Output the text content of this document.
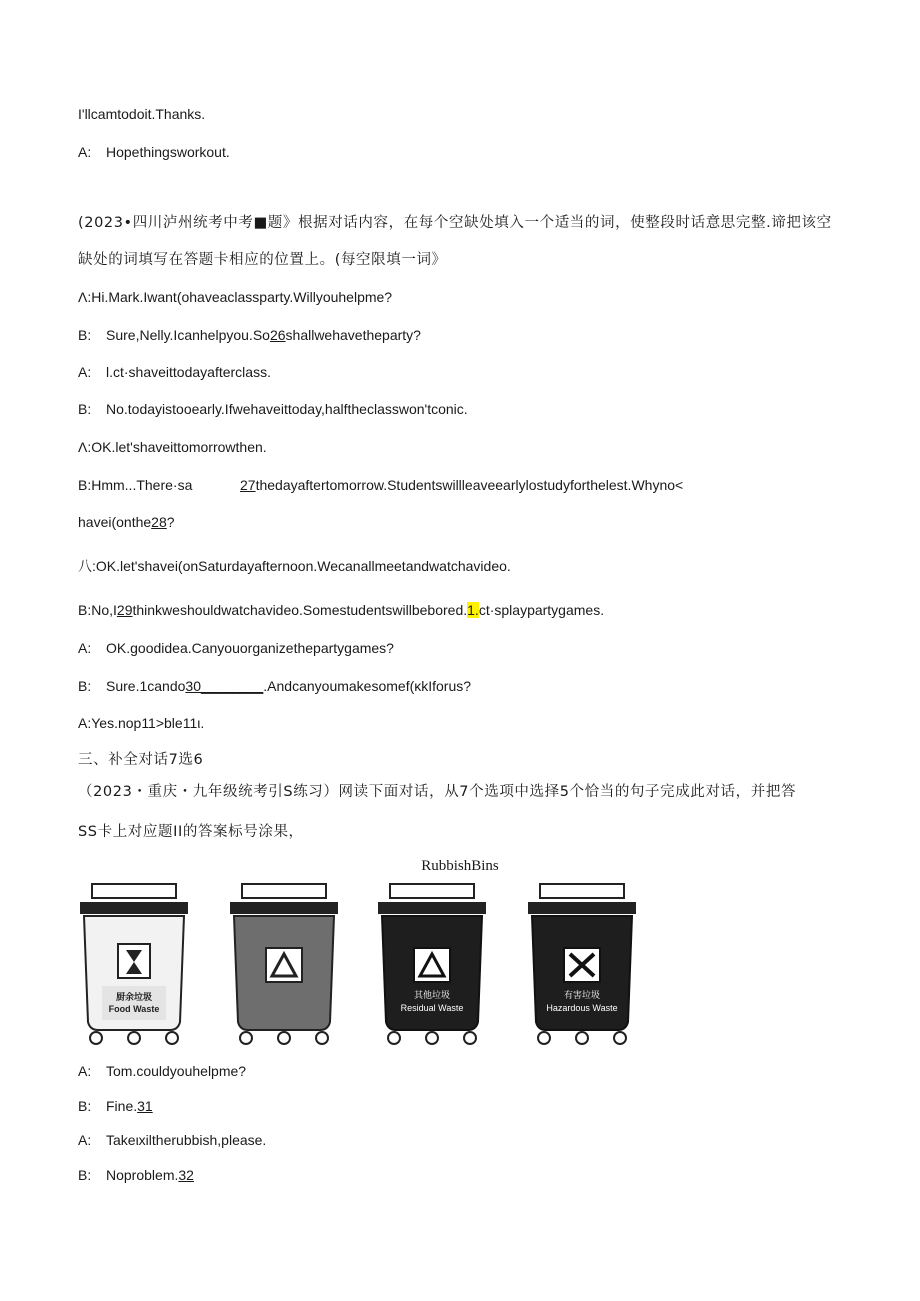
I'llcamtodoit.Thanks.
A: Hopethingsworkout.
(2023•四川泸州统考中考■题》根据对话内容，在每个空缺处填入一个适当的词，使整段时话意思完整.谛把该空
缺处的词填写在答题卡相应的位置上。(每空限填一词》
Λ:Hi.Mark.Iwant(ohaveaclassparty.Willyouhelpme?
B: Sure,Nelly.Icanhelpyou.So26shallwehavetheparty?
A: l.ct·shaveittodayafterclass.
B: No.todayistooearly.Ifwehaveittoday,halftheclasswon'tconic.
Λ:OK.let'shaveittomorrowthen.
B:Hmm...There·sa	27thedayaftertomorrow.Studentswillleaveearlylostudyforthelest.Whyno<
havei(onthe28?
八:OK.let'shavei(onSaturdayafternoon.Wecanallmeetandwatchavideo.
B:No,I29thinkweshouldwatchavideo.Somestudentswillbebored.1.ct·splaypartygames.
A: OK.goodidea.Canyouorganizethepartygames?
B: Sure.1cando30________.Andcanyoumakesomef(κkIforus?
A:Yes.nop11>ble11ι.
三、补全对话7选6
（2023・重庆・九年级统考引S练习）网读下面对话，从7个选项中选择5个恰当的句子完成此对话，并把答
SS卡上对应题II的答案标号涂果，
RubbishBins
厨余垃圾
Food Waste
其他垃圾
Residual Waste
有害垃圾
Hazardous Waste
A: Tom.couldyouhelpme?
B: Fine.31
A: Takeιxiltherubbish,please.
B: Noproblem.32
